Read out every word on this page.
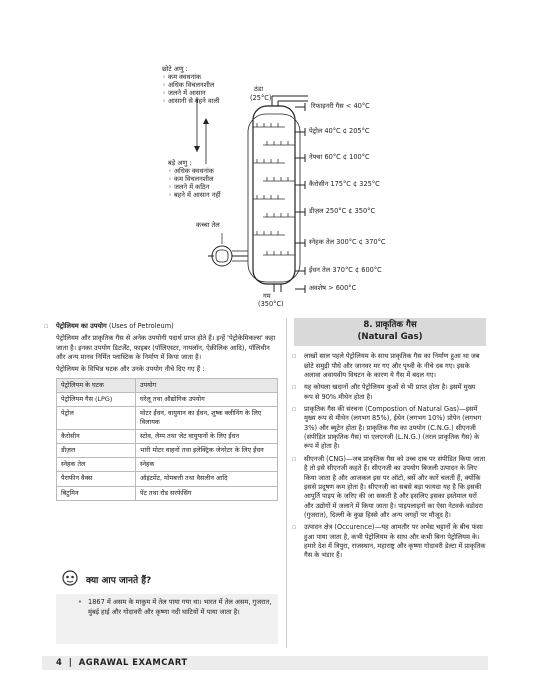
छोटे अणु :
◦ कम क्वथनांक
◦ अधिक विचलनशील
◦ जलने में आसान
◦ आसानी से बहने वाली
बड़े अणु :
◦ अधिक क्वथनांक
◦ कम विचलनशील
◦ जलने में कठिन
◦ बहने में आसान नहीं
ठंडा
(25°C)
कच्चा तेल
गम
(350°C)
रिफाइनरी गैस < 40°C
पेट्रोल 40°C ¢ 205°C
नेफ्था 60°C ¢ 100°C
कैरोसीन 175°C ¢ 325°C
डीज़ल 250°C ¢ 350°C
स्नेहक तेल 300°C ¢ 370°C
ईंधन तेल 370°C ¢ 600°C
अवशेष > 600°C

▫ पेट्रोलियम का उपयोग (Uses of Petroleum)

पेट्रोलियम और प्राकृतिक गैस से अनेक उपयोगी पदार्थ प्राप्त होते हैं। इन्हें 'पेट्रोकेमिकल्स' कहा जाता है। इनका उपयोग डिटर्जेंट, फाइबर (पॉलिएस्टर, नायलॉन, ऐक्रीलिक आदि), पॉलिथीन और अन्य मानव निर्मित प्लास्टिक के निर्माण में किया जाता है।

पेट्रोलियम के विभिन्न घटक और उनके उपयोग नीचे दिए गए हैं :

पेट्रोलियम के घटक	उपयोग
पेट्रोलियम गैस (LPG)	घरेलू तथा औद्योगिक उपयोग
पेट्रोल	मोटर ईंधन, वायुयान का ईंधन, शुष्क क्लीनिंग के लिए विलायक
कैरोसीन	स्टोव, लैम्प तथा जेट वायुयानों के लिए ईंधन
डीज़ल	भारी मोटर वाहनों तथा इलेक्ट्रिक जेनरेटर के लिए ईंधन
स्नेहक तेल	स्नेहक
पैराफीन वैक्स	ऑइंटमेंट, मोमबत्ती तथा वैसलीन आदि
बिटुमिन	पेंट तथा रोड सरफेसिंग
क्या आप जानते हैं?
• 1867 में असम के माकुम में तेल पाया गया था। भारत में तेल असम, गुजरात, मुंबई हाई और गोदावरी और कृष्णा नदी घाटियों में पाया जाता है।
8. प्राकृतिक गैस
(Natural Gas)

▫ लाखों साल पहले पेट्रोलियम के साथ प्राकृतिक गैस का निर्माण हुआ था जब छोटे समुद्री पौधे और जानवर मर गए और पृथ्वी के नीचे दब गए। इसके अलावा अवायवीय विघटन के कारण ये गैस में बदल गए।

▫ यह कोयला खदानों और पेट्रोलियम कुओं से भी प्राप्त होता है। इसमें मुख्य रूप से 90% मीथेन होता है।

▫ प्राकृतिक गैस की संरचना (Compostion of Natural Gas)—इसमें मुख्य रूप से मीथेन (लगभग 85%), ईथेन (लगभग 10%) प्रोपेन (लगभग 3%) और ब्यूटेन होता है। प्राकृतिक गैस का उपयोग (C.N.G.) सीएनजी (संपीड़ित प्राकृतिक गैस) या एलएनजी (L.N.G.) (तरल प्राकृतिक गैस) के रूप में होता है।

▫ सीएनजी (CNG)—जब प्राकृतिक गैस को उच्च दाब पर संपीडित किया जाता है तो इसे सीएनजी कहते हैं। सीएनजी का उपयोग बिजली उत्पादन के लिए किया जाता है और आजकल इस पर ऑटो, बसें और कारें चलती हैं, क्योंकि इससे प्रदूषण कम होता है। सीएनजी का सबसे बड़ा फायदा यह है कि इसकी आपूर्ति पाइप के जरिए की जा सकती है और इसलिए इसका इस्तेमाल घरों और उद्योगों में जलाने में किया जाता है। पाइपलाइनों का ऐसा नेटवर्क वडोदरा (गुजरात), दिल्ली के कुछ हिस्से और अन्य जगहों पर मौजूद है।

▫ उत्पादन क्षेत्र (Occurence)—यह आमतौर पर अभेद्य चट्टानों के बीच फंसा हुआ पाया जाता है, कभी पेट्रोलियम के साथ और कभी बिना पेट्रोलियम के। हमारे देश में त्रिपुरा, राजस्थान, महाराष्ट्र और कृष्णा गोदावरी डेल्टा में प्राकृतिक गैस के भंडार हैं।

4 | AGRAWAL EXAMCART
